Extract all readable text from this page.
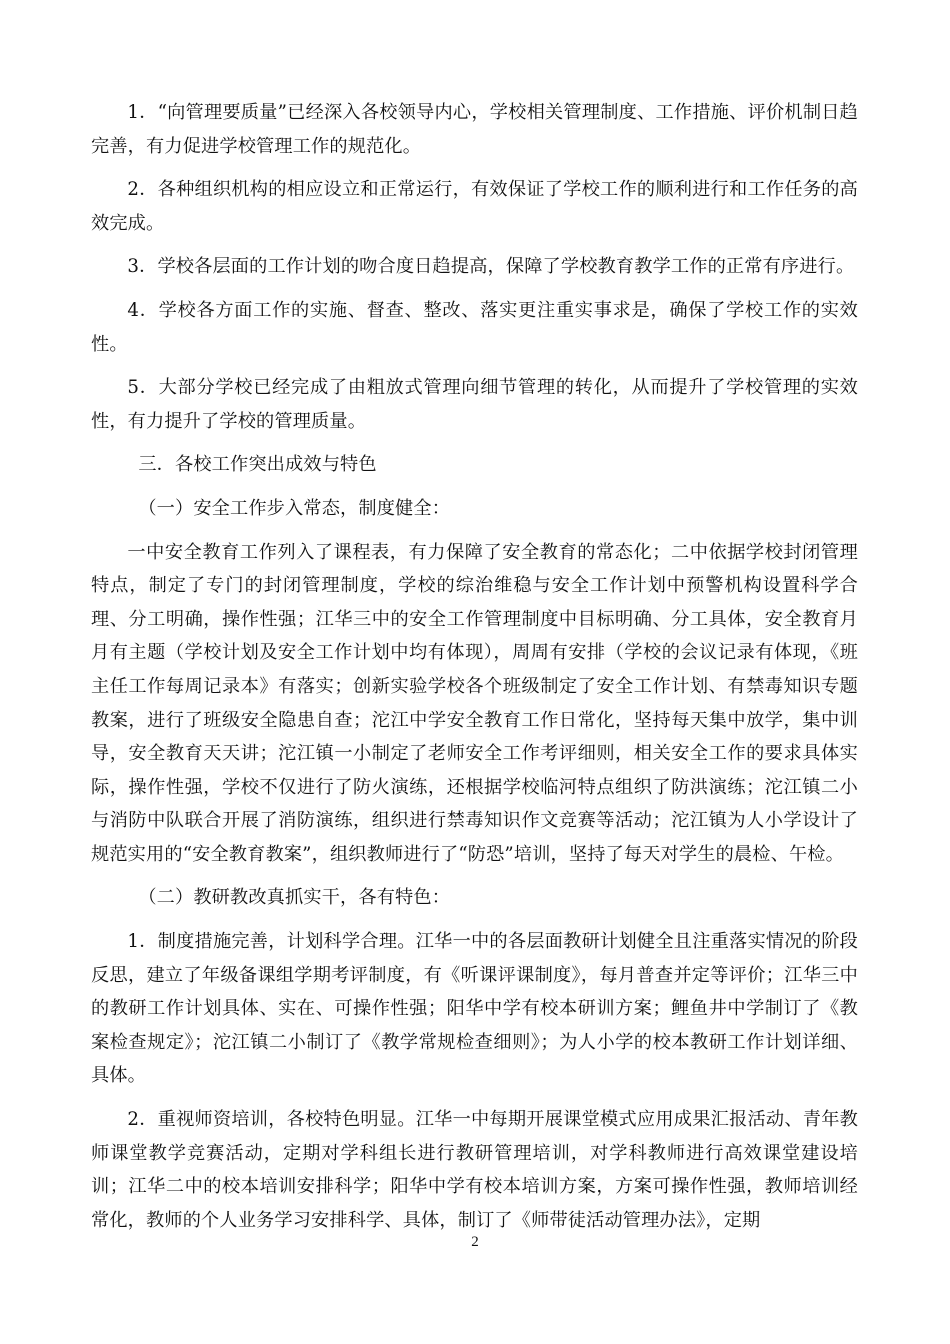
1．“向管理要质量”已经深入各校领导内心，学校相关管理制度、工作措施、评价机制日趋完善，有力促进学校管理工作的规范化。

2．各种组织机构的相应设立和正常运行，有效保证了学校工作的顺利进行和工作任务的高效完成。

3．学校各层面的工作计划的吻合度日趋提高，保障了学校教育教学工作的正常有序进行。

4．学校各方面工作的实施、督查、整改、落实更注重实事求是，确保了学校工作的实效性。

5．大部分学校已经完成了由粗放式管理向细节管理的转化，从而提升了学校管理的实效性，有力提升了学校的管理质量。

三．各校工作突出成效与特色

（一）安全工作步入常态，制度健全：

一中安全教育工作列入了课程表，有力保障了安全教育的常态化；二中依据学校封闭管理特点，制定了专门的封闭管理制度，学校的综治维稳与安全工作计划中预警机构设置科学合理、分工明确，操作性强；江华三中的安全工作管理制度中目标明确、分工具体，安全教育月月有主题（学校计划及安全工作计划中均有体现），周周有安排（学校的会议记录有体现，《班主任工作每周记录本》有落实；创新实验学校各个班级制定了安全工作计划、有禁毒知识专题教案，进行了班级安全隐患自查；沱江中学安全教育工作日常化，坚持每天集中放学，集中训导，安全教育天天讲；沱江镇一小制定了老师安全工作考评细则，相关安全工作的要求具体实际，操作性强，学校不仅进行了防火演练，还根据学校临河特点组织了防洪演练；沱江镇二小与消防中队联合开展了消防演练，组织进行禁毒知识作文竞赛等活动；沱江镇为人小学设计了规范实用的“安全教育教案”，组织教师进行了“防恐”培训，坚持了每天对学生的晨检、午检。

（二）教研教改真抓实干，各有特色：

1．制度措施完善，计划科学合理。江华一中的各层面教研计划健全且注重落实情况的阶段反思，建立了年级备课组学期考评制度，有《听课评课制度》，每月普查并定等评价；江华三中的教研工作计划具体、实在、可操作性强；阳华中学有校本研训方案；鲤鱼井中学制订了《教案检查规定》；沱江镇二小制订了《教学常规检查细则》；为人小学的校本教研工作计划详细、具体。

2．重视师资培训，各校特色明显。江华一中每期开展课堂模式应用成果汇报活动、青年教师课堂教学竞赛活动，定期对学科组长进行教研管理培训，对学科教师进行高效课堂建设培训；江华二中的校本培训安排科学；阳华中学有校本培训方案，方案可操作性强，教师培训经常化，教师的个人业务学习安排科学、具体，制订了《师带徒活动管理办法》，定期

2
